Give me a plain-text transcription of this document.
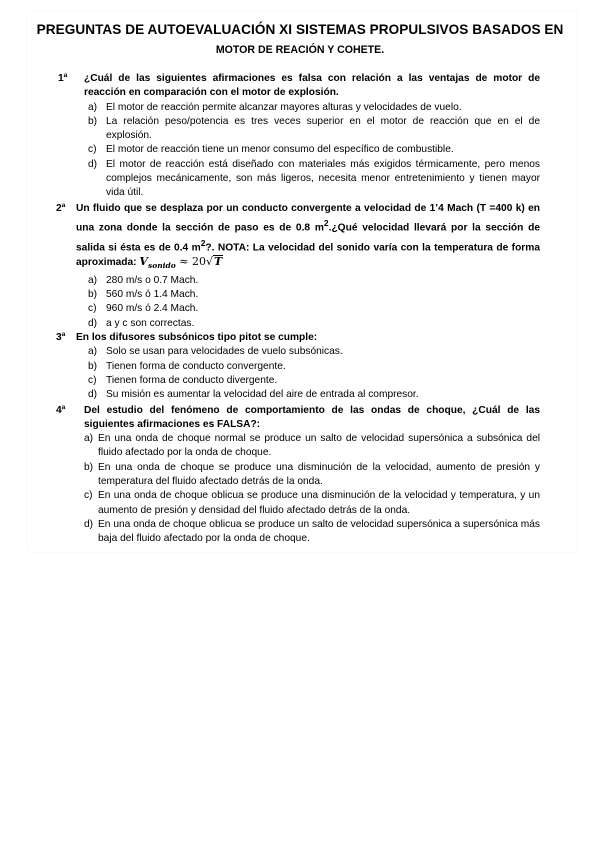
PREGUNTAS DE AUTOEVALUACIÓN XI SISTEMAS PROPULSIVOS BASADOS EN
MOTOR DE REACIÓN Y COHETE.
1ª ¿Cuál de las siguientes afirmaciones es falsa con relación a las ventajas de motor de reacción en comparación con el motor de explosión.
a) El motor de reacción permite alcanzar mayores alturas y velocidades de vuelo.
b) La relación peso/potencia es tres veces superior en el motor de reacción que en el de explosión.
c) El motor de reacción tiene un menor consumo del específico de combustible.
d) El motor de reacción está diseñado con materiales más exigidos térmicamente, pero menos complejos mecánicamente, son más ligeros, necesita menor entretenimiento y tienen mayor vida útil.
2ª Un fluido que se desplaza por un conducto convergente a velocidad de 1’4 Mach (T =400 k) en una zona donde la sección de paso es de 0.8 $m^2.¿Qué$ velocidad llevará por la sección de salida si ésta es de 0.4 $m^2$?. NOTA: La velocidad del sonido varía con la temperatura de forma aproximada: $V_{sonido} \approx 20√T$
a) 280 m/s o 0.7 Mach.
b) 560 m/s ó 1.4 Mach.
c) 960 m/s ó 2.4 Mach.
d) a y c son correctas.
3ª En los difusores subsónicos tipo pitot se cumple:
a) Solo se usan para velocidades de vuelo subsónicas.
b) Tienen forma de conducto convergente.
c) Tienen forma de conducto divergente.
d) Su misión es aumentar la velocidad del aire de entrada al compresor.
4ª Del estudio del fenómeno de comportamiento de las ondas de choque, ¿Cuál de las siguientes afirmaciones es FALSA?:
a) En una onda de choque normal se produce un salto de velocidad supersónica a subsónica del fluido afectado por la onda de choque.
b) En una onda de choque se produce una disminución de la velocidad, aumento de presión y temperatura del fluido afectado detrás de la onda.
c) En una onda de choque oblicua se produce una disminución de la velocidad y temperatura, y un aumento de presión y densidad del fluido afectado detrás de la onda.
d) En una onda de choque oblicua se produce un salto de velocidad supersónica a supersónica más baja del fluido afectado por la onda de choque.
